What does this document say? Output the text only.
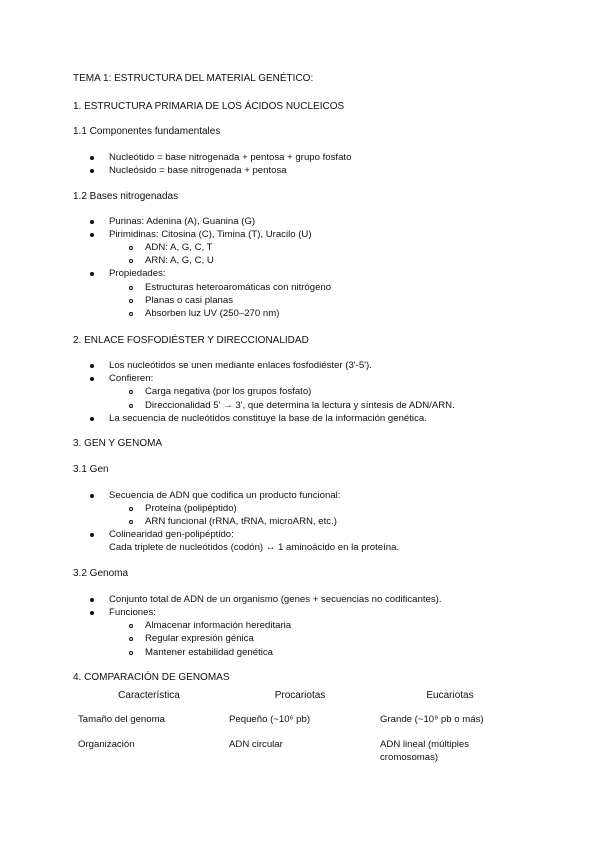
TEMA 1: ESTRUCTURA DEL MATERIAL GENÉTICO:
1. ESTRUCTURA PRIMARIA DE LOS ÁCIDOS NUCLEICOS
1.1 Componentes fundamentales
Nucleótido = base nitrogenada + pentosa + grupo fosfato
Nucleósido = base nitrogenada + pentosa
1.2 Bases nitrogenadas
Purinas: Adenina (A), Guanina (G)
Pirimidinas: Citosina (C), Timina (T), Uracilo (U)
ADN: A, G, C, T
ARN: A, G, C, U
Propiedades:
Estructuras heteroaromáticas con nitrógeno
Planas o casi planas
Absorben luz UV (250–270 nm)
2. ENLACE FOSFODIÉSTER Y DIRECCIONALIDAD
Los nucleótidos se unen mediante enlaces fosfodiéster (3'-5').
Confieren:
Carga negativa (por los grupos fosfato)
Direccionalidad 5' → 3', que determina la lectura y síntesis de ADN/ARN.
La secuencia de nucleótidos constituye la base de la información genética.
3. GEN Y GENOMA
3.1 Gen
Secuencia de ADN que codifica un producto funcional:
Proteína (polipéptido)
ARN funcional (rRNA, tRNA, microARN, etc.)
Colinearidad gen-polipéptido:
Cada triplete de nucleótidos (codón) ↔ 1 aminoácido en la proteína.
3.2 Genoma
Conjunto total de ADN de un organismo (genes + secuencias no codificantes).
Funciones:
Almacenar información hereditaria
Regular expresión génica
Mantener estabilidad genética
4. COMPARACIÓN DE GENOMAS
Característica	Procariotas	Eucariotas
Tamaño del genoma	Pequeño (~10⁶ pb)	Grande (~10⁹ pb o más)
Organización	ADN circular	ADN lineal (múltiples cromosomas)
